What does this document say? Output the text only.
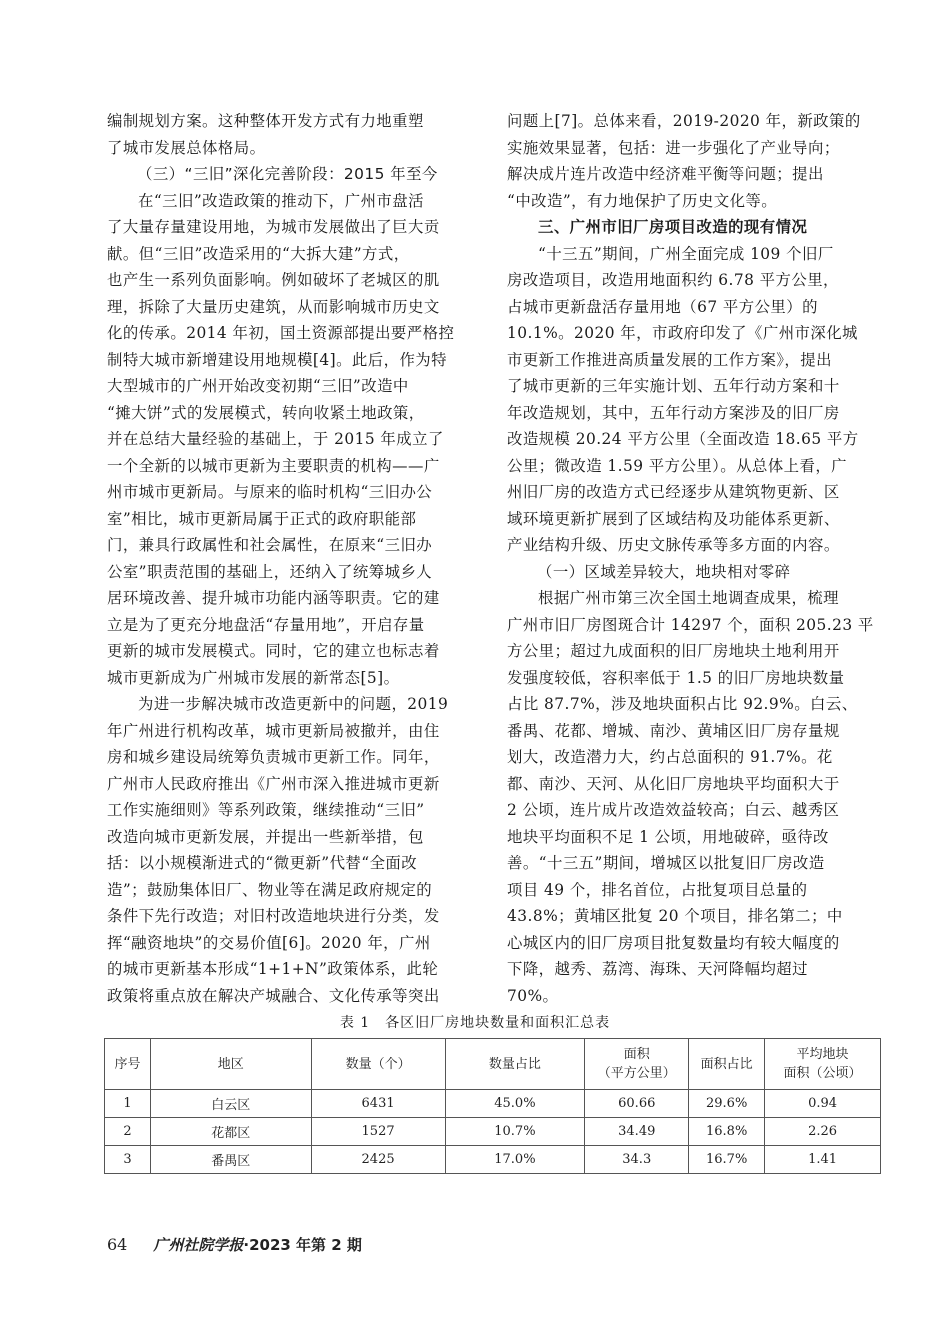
编制规划方案。这种整体开发方式有力地重塑
了城市发展总体格局。
（三）“三旧”深化完善阶段：2015 年至今
在“三旧”改造政策的推动下，广州市盘活
了大量存量建设用地，为城市发展做出了巨大贡
献。但“三旧”改造采用的“大拆大建”方式，
也产生一系列负面影响。例如破坏了老城区的肌
理，拆除了大量历史建筑，从而影响城市历史文
化的传承。2014 年初，国土资源部提出要严格控
制特大城市新增建设用地规模[4]。此后，作为特
大型城市的广州开始改变初期“三旧”改造中
“摊大饼”式的发展模式，转向收紧土地政策，
并在总结大量经验的基础上，于 2015 年成立了
一个全新的以城市更新为主要职责的机构——广
州市城市更新局。与原来的临时机构“三旧办公
室”相比，城市更新局属于正式的政府职能部
门，兼具行政属性和社会属性，在原来“三旧办
公室”职责范围的基础上，还纳入了统筹城乡人
居环境改善、提升城市功能内涵等职责。它的建
立是为了更充分地盘活“存量用地”，开启存量
更新的城市发展模式。同时，它的建立也标志着
城市更新成为广州城市发展的新常态[5]。
为进一步解决城市改造更新中的问题，2019
年广州进行机构改革，城市更新局被撤并，由住
房和城乡建设局统筹负责城市更新工作。同年，
广州市人民政府推出《广州市深入推进城市更新
工作实施细则》等系列政策，继续推动“三旧”
改造向城市更新发展，并提出一些新举措，包
括：以小规模渐进式的“微更新”代替“全面改
造”；鼓励集体旧厂、物业等在满足政府规定的
条件下先行改造；对旧村改造地块进行分类，发
挥“融资地块”的交易价值[6]。2020 年，广州
的城市更新基本形成“1+1+N”政策体系，此轮
政策将重点放在解决产城融合、文化传承等突出
问题上[7]。总体来看，2019-2020 年，新政策的
实施效果显著，包括：进一步强化了产业导向；
解决成片连片改造中经济难平衡等问题；提出
“中改造”，有力地保护了历史文化等。
三、广州市旧厂房项目改造的现有情况
“十三五”期间，广州全面完成 109 个旧厂
房改造项目，改造用地面积约 6.78 平方公里，
占城市更新盘活存量用地（67 平方公里）的
10.1%。2020 年，市政府印发了《广州市深化城
市更新工作推进高质量发展的工作方案》，提出
了城市更新的三年实施计划、五年行动方案和十
年改造规划，其中，五年行动方案涉及的旧厂房
改造规模 20.24 平方公里（全面改造 18.65 平方
公里；微改造 1.59 平方公里）。从总体上看，广
州旧厂房的改造方式已经逐步从建筑物更新、区
域环境更新扩展到了区域结构及功能体系更新、
产业结构升级、历史文脉传承等多方面的内容。
（一）区域差异较大，地块相对零碎
根据广州市第三次全国土地调查成果，梳理
广州市旧厂房图斑合计 14297 个，面积 205.23 平
方公里；超过九成面积的旧厂房地块土地利用开
发强度较低，容积率低于 1.5 的旧厂房地块数量
占比 87.7%，涉及地块面积占比 92.9%。白云、
番禺、花都、增城、南沙、黄埔区旧厂房存量规
划大，改造潜力大，约占总面积的 91.7%。花
都、南沙、天河、从化旧厂房地块平均面积大于
2 公顷，连片成片改造效益较高；白云、越秀区
地块平均面积不足 1 公顷，用地破碎，亟待改
善。“十三五”期间，增城区以批复旧厂房改造
项目 49 个，排名首位，占批复项目总量的
43.8%；黄埔区批复 20 个项目，排名第二；中
心城区内的旧厂房项目批复数量均有较大幅度的
下降，越秀、荔湾、海珠、天河降幅均超过
70%。
表 1　各区旧厂房地块数量和面积汇总表
序号	地区	数量（个）	数量占比	面积
（平方公里）	面积占比	平均地块
面积（公顷）
1	白云区	6431	45.0%	60.66	29.6%	0.94
2	花都区	1527	10.7%	34.49	16.8%	2.26
3	番禺区	2425	17.0%	34.3	16.7%	1.41
64 广州社院学报·2023 年第 2 期
